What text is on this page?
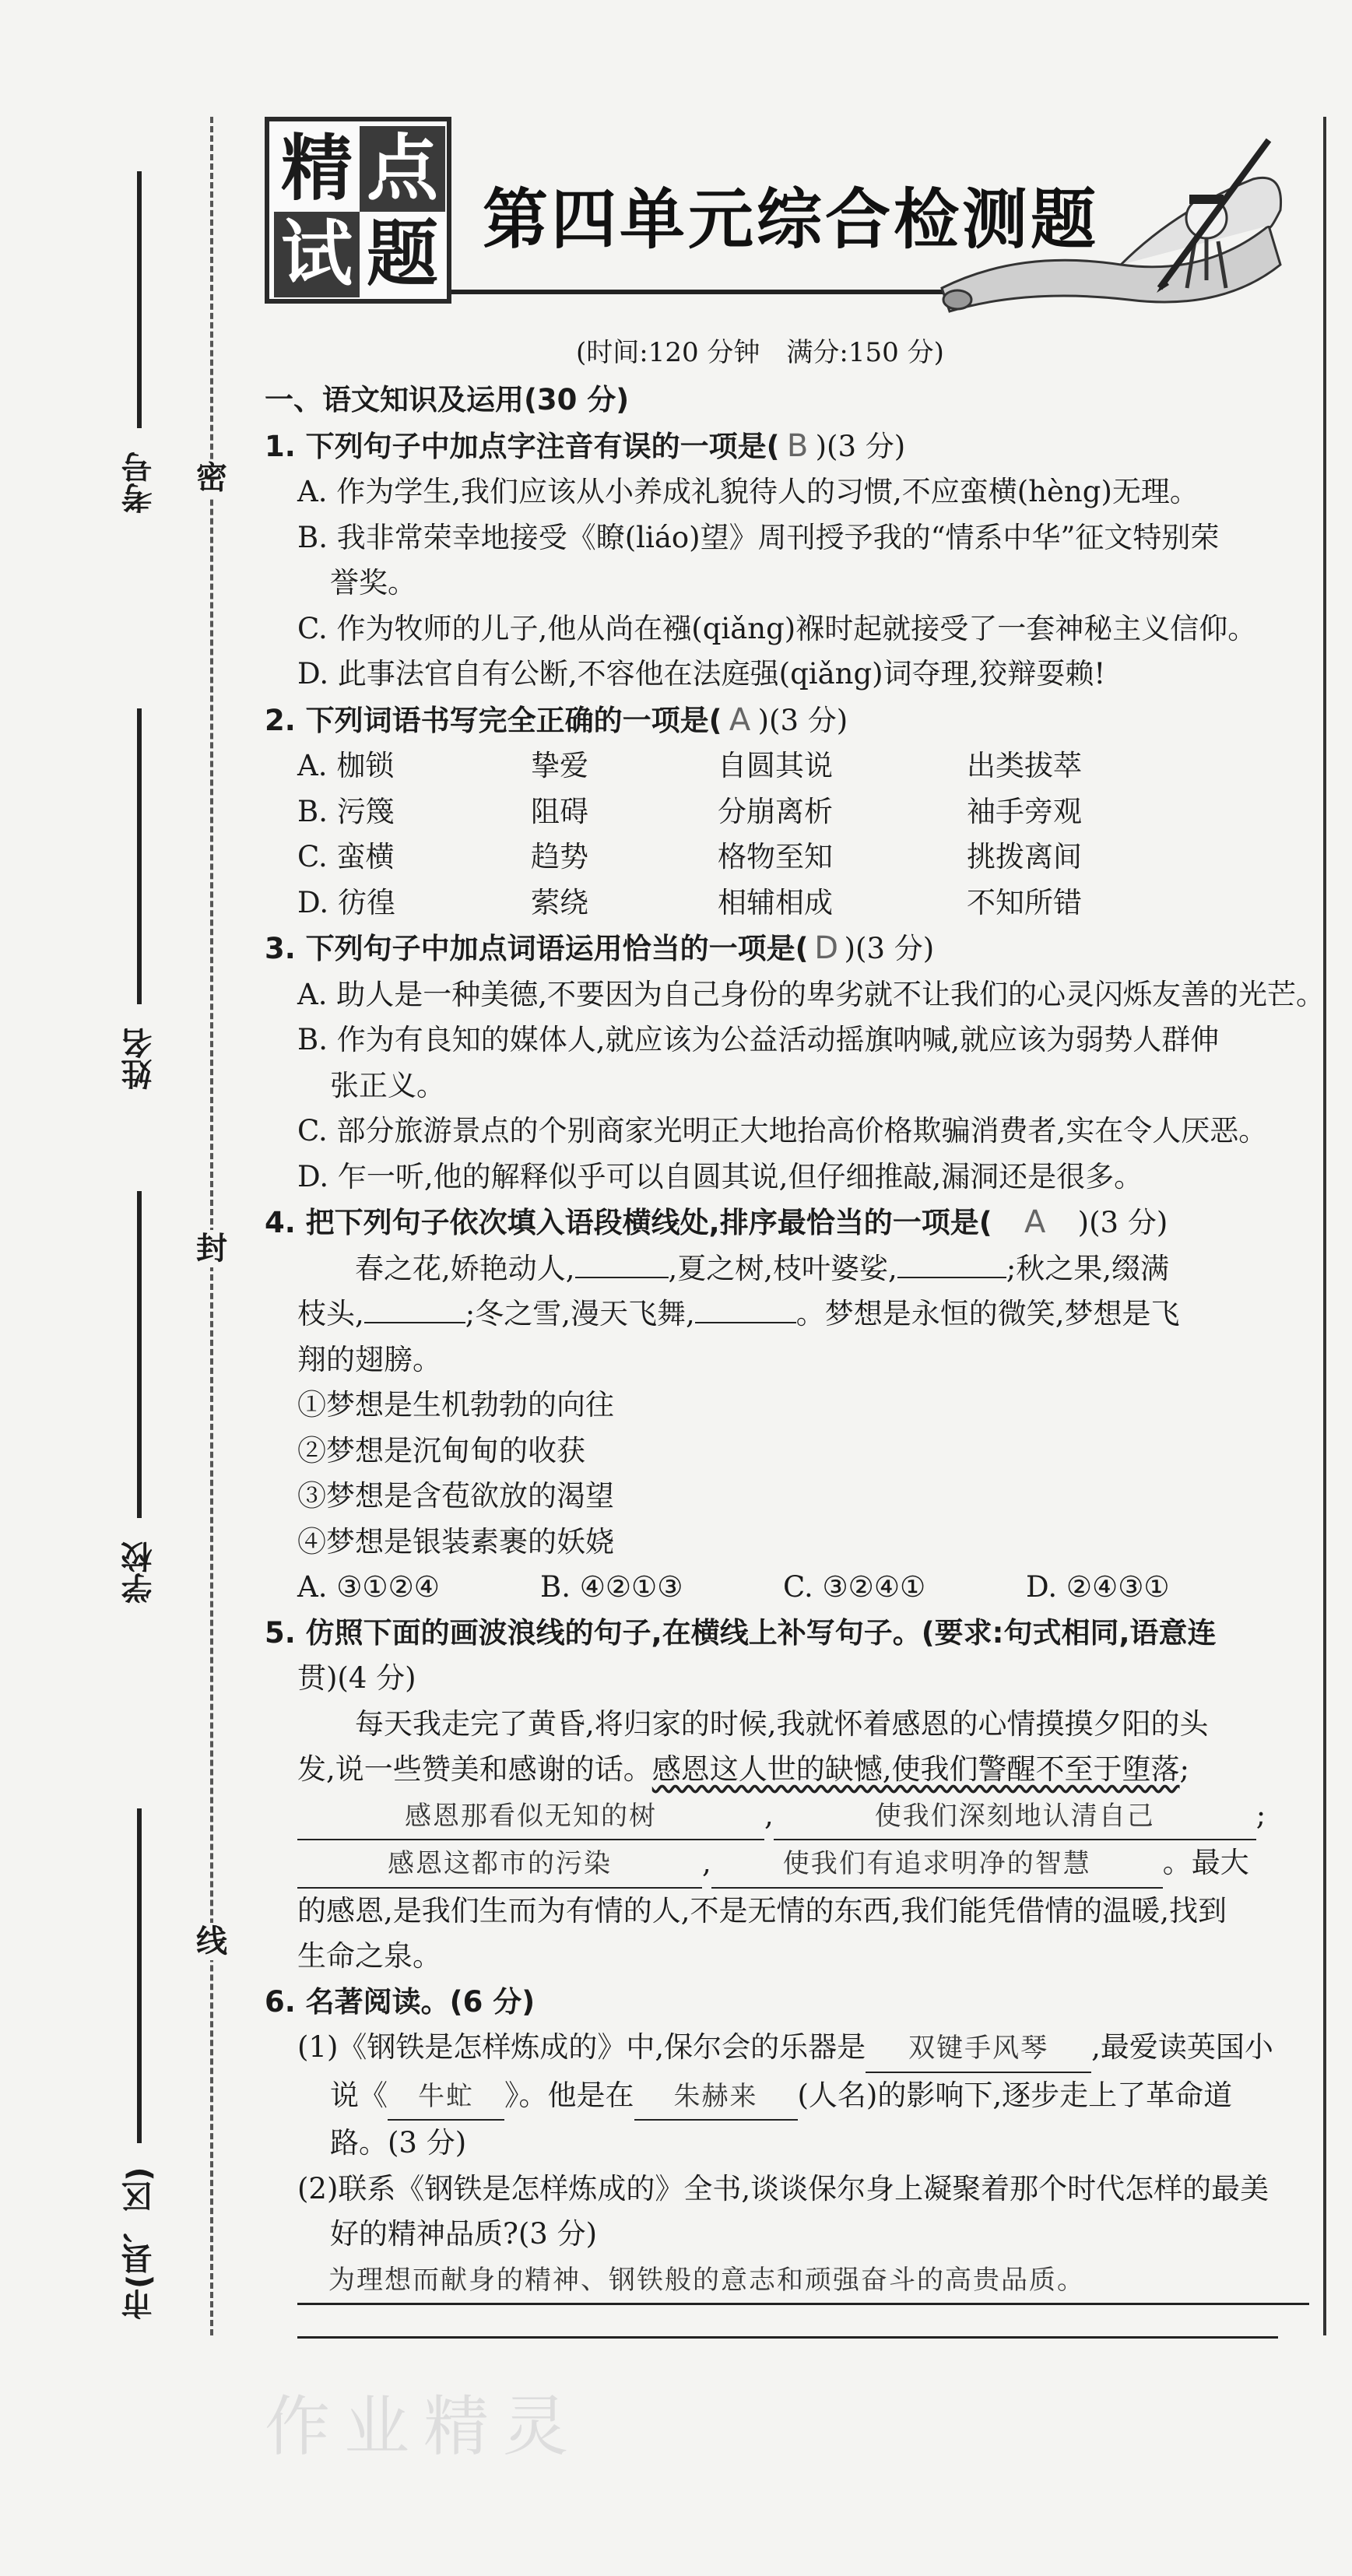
密
封
线
考号
姓名
学校
市(县、区)
精 点
试 题 第四单元综合检测题
(时间:120 分钟　满分:150 分)
一、语文知识及运用(30 分)
1. 下列句子中加点字注音有误的一项是( B )(3 分)
A. 作为学生,我们应该从小养成礼貌待人的习惯,不应蛮横(hèng)无理。
B. 我非常荣幸地接受《瞭(liáo)望》周刊授予我的“情系中华”征文特别荣
誉奖。
C. 作为牧师的儿子,他从尚在襁(qiǎng)褓时起就接受了一套神秘主义信仰。
D. 此事法官自有公断,不容他在法庭强(qiǎng)词夺理,狡辩耍赖!
2. 下列词语书写完全正确的一项是( A )(3 分)
A. 枷锁	挚爱	自圆其说	出类拔萃
B. 污篾	阻碍	分崩离析	袖手旁观
C. 蛮横	趋势	格物至知	挑拨离间
D. 彷徨	萦绕	相辅相成	不知所错
3. 下列句子中加点词语运用恰当的一项是( D )(3 分)
A. 助人是一种美德,不要因为自己身份的卑劣就不让我们的心灵闪烁友善的光芒。
B. 作为有良知的媒体人,就应该为公益活动摇旗呐喊,就应该为弱势人群伸
张正义。
C. 部分旅游景点的个别商家光明正大地抬高价格欺骗消费者,实在令人厌恶。
D. 乍一听,他的解释似乎可以自圆其说,但仔细推敲,漏洞还是很多。
4. 把下列句子依次填入语段横线处,排序最恰当的一项是( A )(3 分)
春之花,娇艳动人,	,夏之树,枝叶婆娑,	;秋之果,缀满
枝头,	;冬之雪,漫天飞舞,	。梦想是永恒的微笑,梦想是飞
翔的翅膀。
①梦想是生机勃勃的向往
②梦想是沉甸甸的收获
③梦想是含苞欲放的渴望
④梦想是银装素裹的妖娆
A. ③①②④	B. ④②①③	C. ③②④①	D. ②④③①
5. 仿照下面的画波浪线的句子,在横线上补写句子。(要求:句式相同,语意连
贯)(4 分)
每天我走完了黄昏,将归家的时候,我就怀着感恩的心情摸摸夕阳的头
发,说一些赞美和感谢的话。感恩这人世的缺憾,使我们警醒不至于堕落;
感恩那看似无知的树	,	使我们深刻地认清自己	;
感恩这都市的污染	,	使我们有追求明净的智慧 。最大
的感恩,是我们生而为有情的人,不是无情的东西,我们能凭借情的温暖,找到
生命之泉。
6. 名著阅读。(6 分)
(1)《钢铁是怎样炼成的》中,保尔会的乐器是 双键手风琴 ,最爱读英国小
说《 牛虻 》。他是在 朱赫来 (人名)的影响下,逐步走上了革命道
路。(3 分)
(2)联系《钢铁是怎样炼成的》全书,谈谈保尔身上凝聚着那个时代怎样的最美
好的精神品质?(3 分)
为理想而献身的精神、钢铁般的意志和顽强奋斗的高贵品质。
作业精灵
